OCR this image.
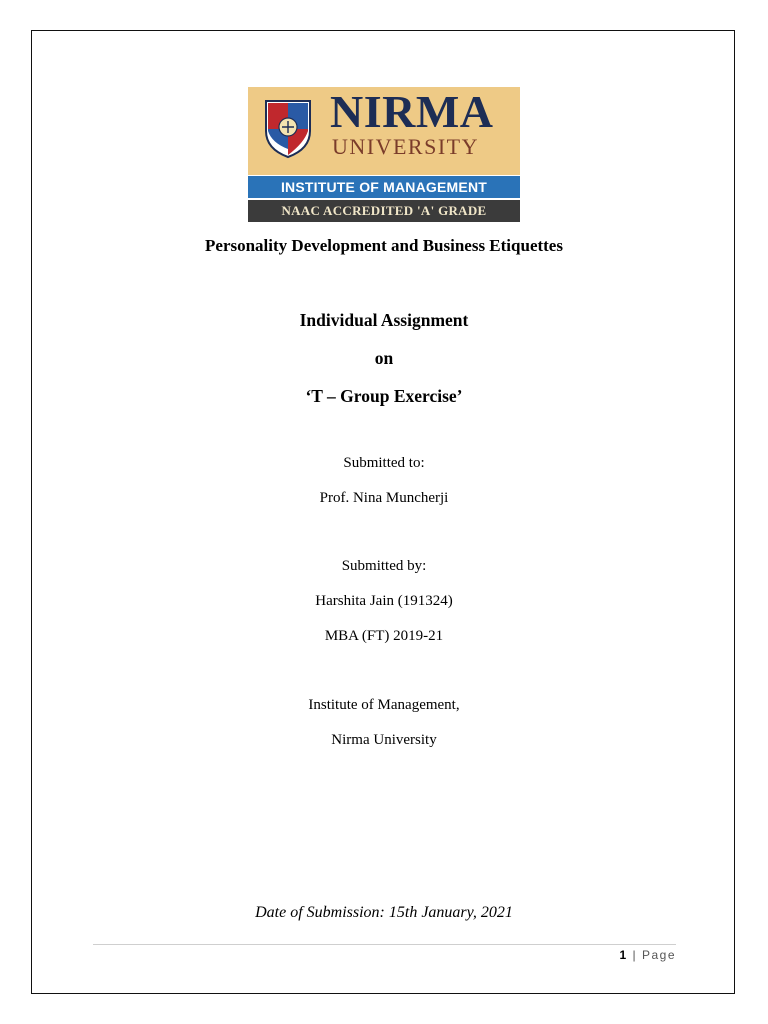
NIRMA
UNIVERSITY
INSTITUTE OF MANAGEMENT
NAAC ACCREDITED 'A' GRADE
Personality Development and Business Etiquettes
Individual Assignment
on
‘T – Group Exercise’
Submitted to:
Prof. Nina Muncherji
Submitted by:
Harshita Jain (191324)
MBA (FT) 2019-21
Institute of Management,
Nirma University
Date of Submission: 15th January, 2021
1 | Page
